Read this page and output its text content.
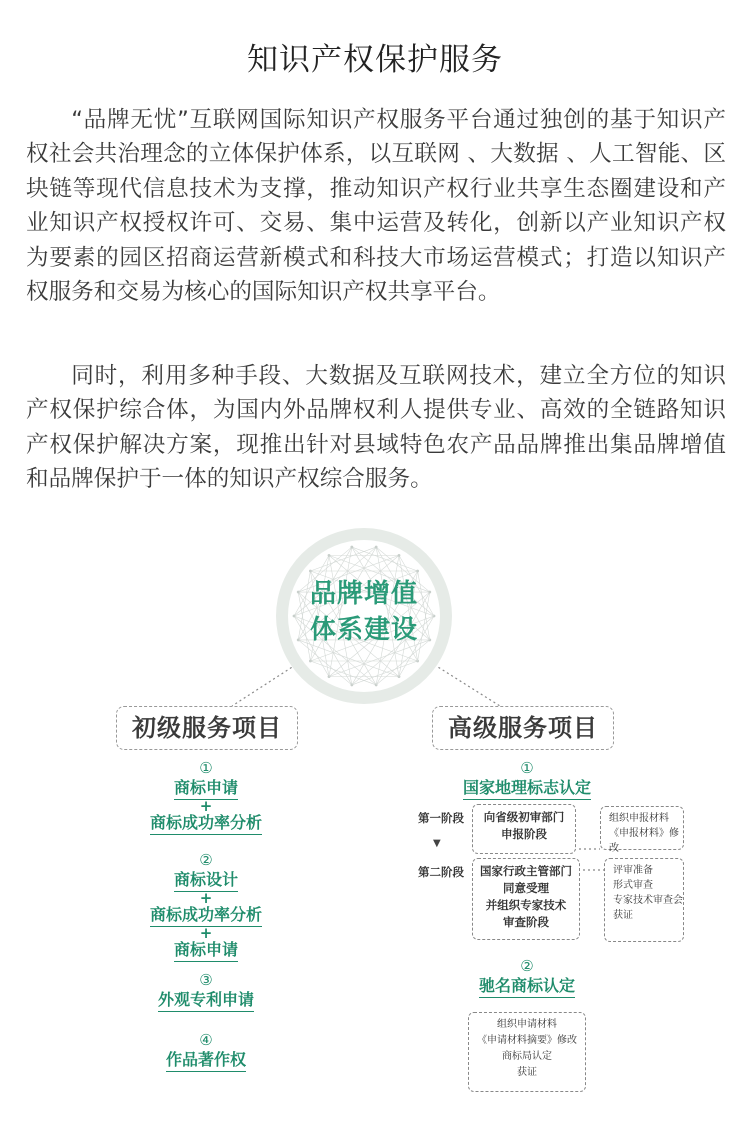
知识产权保护服务

“品牌无忧”互联网国际知识产权服务平台通过独创的基于知识产权社会共治理念的立体保护体系，以互联网 、大数据 、人工智能、区块链等现代信息技术为支撑，推动知识产权行业共享生态圈建设和产业知识产权授权许可、交易、集中运营及转化，创新以产业知识产权为要素的园区招商运营新模式和科技大市场运营模式；打造以知识产权服务和交易为核心的国际知识产权共享平台。

同时，利用多种手段、大数据及互联网技术，建立全方位的知识产权保护综合体，为国内外品牌权利人提供专业、高效的全链路知识产权保护解决方案，现推出针对县域特色农产品品牌推出集品牌增值和品牌保护于一体的知识产权综合服务。

品牌增值
体系建设
初级服务项目	高级服务项目
①
商标申请
+
商标成功率分析
②
商标设计
+
商标成功率分析
+
商标申请
③
外观专利申请
④
作品著作权
①
国家地理标志认定
第一阶段	向省级初审部门
申报阶段
组织申报材料
《申报材料》修改
▼
第二阶段	国家行政主管部门
同意受理
并组织专家技术
审查阶段
评审准备
形式审查
专家技术审查会
获证
②
驰名商标认定
组织申请材料
《申请材料摘要》修改
商标局认定
获证
